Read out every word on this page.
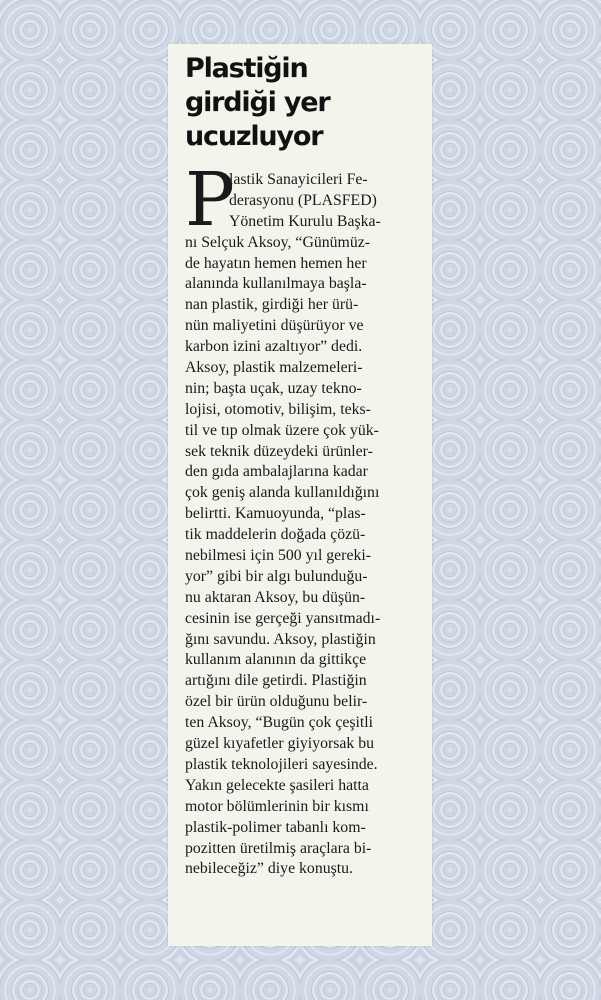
Plastiğin
girdiği yer
ucuzluyor
P
lastik Sanayicileri Fe-
derasyonu (PLASFED)
Yönetim Kurulu Başka-
nı Selçuk Aksoy, “Günümüz-
de hayatın hemen hemen her
alanında kullanılmaya başla-
nan plastik, girdiği her ürü-
nün maliyetini düşürüyor ve
karbon izini azaltıyor” dedi.
Aksoy, plastik malzemeleri-
nin; başta uçak, uzay tekno-
lojisi, otomotiv, bilişim, teks-
til ve tıp olmak üzere çok yük-
sek teknik düzeydeki ürünler-
den gıda ambalajlarına kadar
çok geniş alanda kullanıldığını
belirtti. Kamuoyunda, “plas-
tik maddelerin doğada çözü-
nebilmesi için 500 yıl gereki-
yor” gibi bir algı bulunduğu-
nu aktaran Aksoy, bu düşün-
cesinin ise gerçeği yansıtmadı-
ğını savundu. Aksoy, plastiğin
kullanım alanının da gittikçe
artığını dile getirdi. Plastiğin
özel bir ürün olduğunu belir-
ten Aksoy, “Bugün çok çeşitli
güzel kıyafetler giyiyorsak bu
plastik teknolojileri sayesinde.
Yakın gelecekte şasileri hatta
motor bölümlerinin bir kısmı
plastik-polimer tabanlı kom-
pozitten üretilmiş araçlara bi-
nebileceğiz” diye konuştu.
